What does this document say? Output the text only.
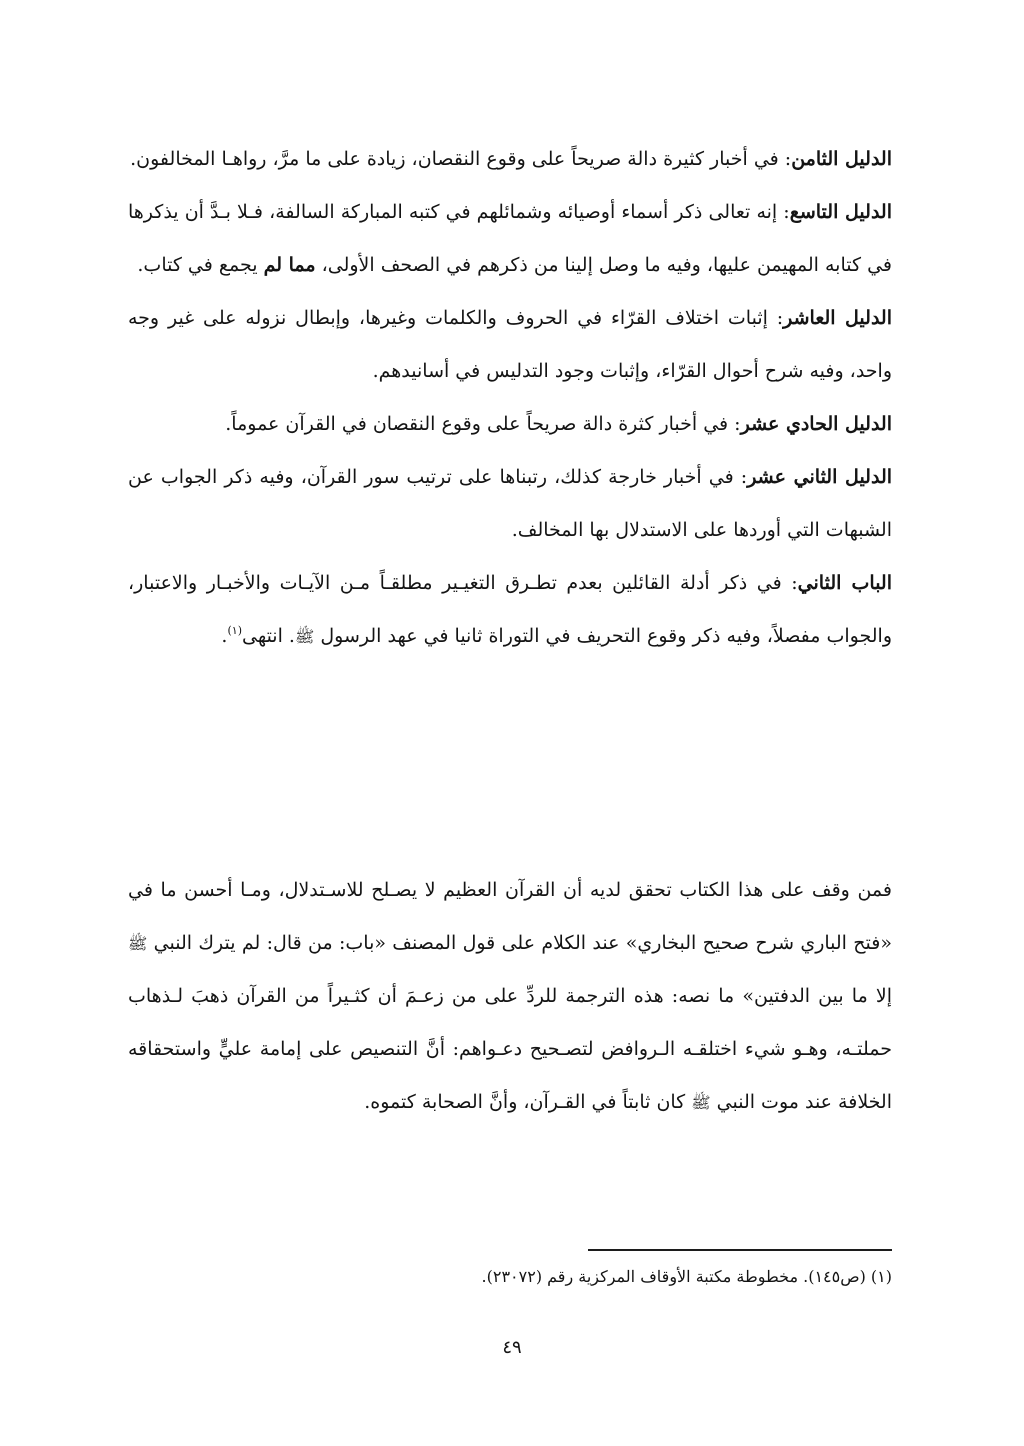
الدليل الثامن: في أخبار كثيرة دالة صريحاً على وقوع النقصان، زيادة على ما مرَّ، رواهـا المخالفون.

الدليل التاسع: إنه تعالى ذكر أسماء أوصيائه وشمائلهم في كتبه المباركة السالفة، فـلا بـدَّ أن يذكرها في كتابه المهيمن عليها، وفيه ما وصل إلينا من ذكرهم في الصحف الأولى، مما لم يجمع في كتاب.

الدليل العاشر: إثبات اختلاف القرّاء في الحروف والكلمات وغيرها، وإبطال نزوله على غير وجه واحد، وفيه شرح أحوال القرّاء، وإثبات وجود التدليس في أسانيدهم.

الدليل الحادي عشر: في أخبار كثرة دالة صريحاً على وقوع النقصان في القرآن عموماً.

الدليل الثاني عشر: في أخبار خارجة كذلك، رتبناها على ترتيب سور القرآن، وفيه ذكر الجواب عن الشبهات التي أوردها على الاستدلال بها المخالف.

الباب الثاني: في ذكر أدلة القائلين بعدم تطـرق التغيـير مطلقـاً مـن الآيـات والأخبـار والاعتبار، والجواب مفصلاً، وفيه ذكر وقوع التحريف في التوراة ثانيا في عهد الرسول ﷺ. انتهى$^{(١)}$.

فمن وقف على هذا الكتاب تحقق لديه أن القرآن العظيم لا يصـلح للاسـتدلال، ومـا أحسن ما في «فتح الباري شرح صحيح البخاري» عند الكلام على قول المصنف «باب: من قال: لم يترك النبي ﷺ إلا ما بين الدفتين» ما نصه: هذه الترجمة للردِّ على من زعـمَ أن كثـيراً من القرآن ذهبَ لـذهاب حملتـه، وهـو شيء اختلقـه الـروافض لتصـحيح دعـواهم: أنَّ التنصيص على إمامة عليٍّ واستحقاقه الخلافة عند موت النبي ﷺ كان ثابتاً في القـرآن، وأنَّ الصحابة كتموه.

(١) (ص١٤٥). مخطوطة مكتبة الأوقاف المركزية رقم (٢٣٠٧٢).

٤٩
